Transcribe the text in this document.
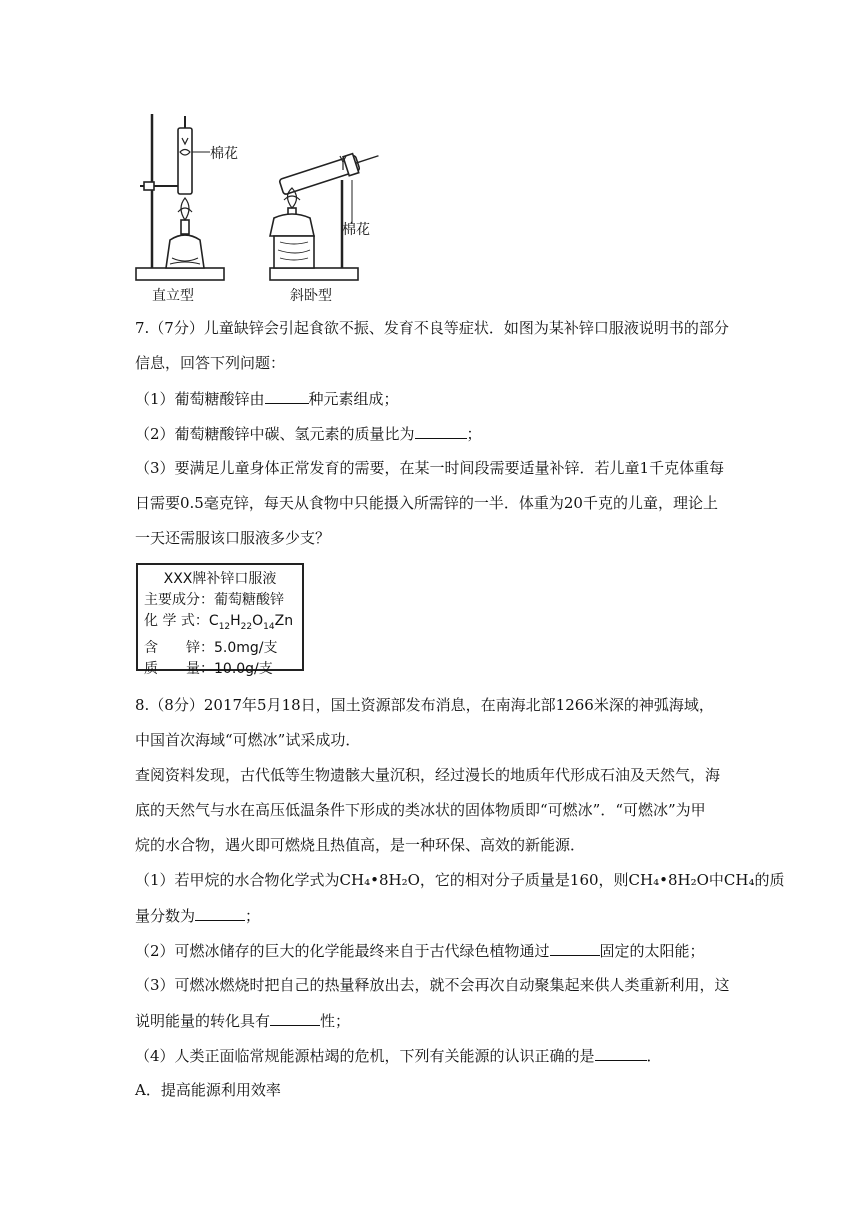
棉花
棉花
直立型	斜卧型
7.（7分）儿童缺锌会引起食欲不振、发育不良等症状．如图为某补锌口服液说明书的部分
信息，回答下列问题：
（1）葡萄糖酸锌由	种元素组成；
（2）葡萄糖酸锌中碳、氢元素的质量比为	；
（3）要满足儿童身体正常发育的需要，在某一时间段需要适量补锌．若儿童1千克体重每
日需要0.5毫克锌，每天从食物中只能摄入所需锌的一半．体重为20千克的儿童，理论上
一天还需服该口服液多少支？
XXX牌补锌口服液
主要成分：葡萄糖酸锌
化 学 式：$C_{12}H_{22}O_{14}Zn$
含　　锌：5.0mg/支
质　　量：10.0g/支
8.（8分）2017年5月18日，国土资源部发布消息，在南海北部1266米深的神弧海域，
中国首次海域“可燃冰”试采成功．
查阅资料发现，古代低等生物遗骸大量沉积，经过漫长的地质年代形成石油及天然气，海
底的天然气与水在高压低温条件下形成的类冰状的固体物质即“可燃冰”．“可燃冰”为甲
烷的水合物，遇火即可燃烧且热值高，是一种环保、高效的新能源．
（1）若甲烷的水合物化学式为CH₄•8H₂O，它的相对分子质量是160，则CH₄•8H₂O中CH₄的质
量分数为	；
（2）可燃冰储存的巨大的化学能最终来自于古代绿色植物通过	固定的太阳能；
（3）可燃冰燃烧时把自己的热量释放出去，就不会再次自动聚集起来供人类重新利用，这
说明能量的转化具有	性；
（4）人类正面临常规能源枯竭的危机，下列有关能源的认识正确的是	．
A．提高能源利用效率
